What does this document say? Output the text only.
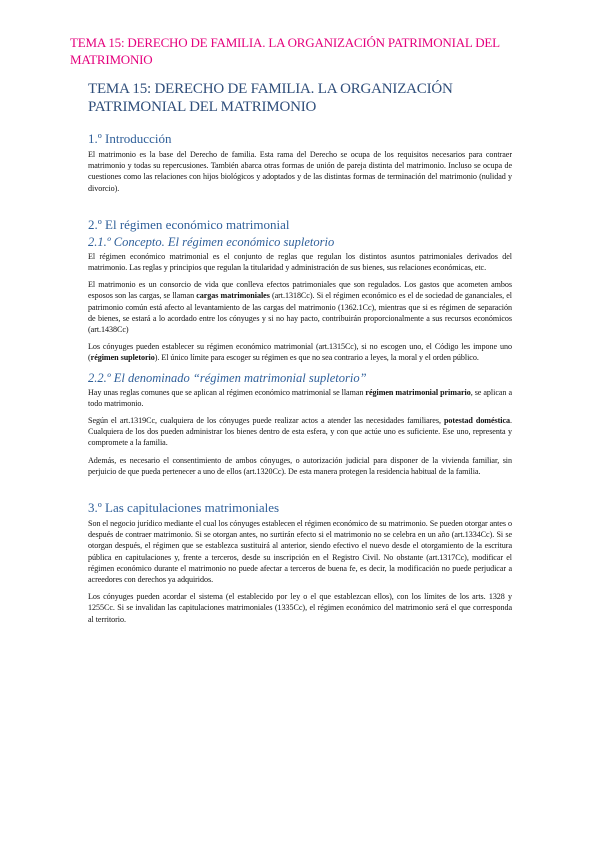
TEMA 15: DERECHO DE FAMILIA. LA ORGANIZACIÓN PATRIMONIAL DEL MATRIMONIO
TEMA 15: DERECHO DE FAMILIA. LA ORGANIZACIÓN PATRIMONIAL DEL MATRIMONIO
1.º Introducción

El matrimonio es la base del Derecho de familia. Esta rama del Derecho se ocupa de los requisitos necesarios para contraer matrimonio y todas su repercusiones. También abarca otras formas de unión de pareja distinta del matrimonio. Incluso se ocupa de cuestiones como las relaciones con hijos biológicos y adoptados y de las distintas formas de terminación del matrimonio (nulidad y divorcio).

2.º El régimen económico matrimonial
2.1.º Concepto. El régimen económico supletorio

El régimen económico matrimonial es el conjunto de reglas que regulan los distintos asuntos patrimoniales derivados del matrimonio. Las reglas y principios que regulan la titularidad y administración de sus bienes, sus relaciones económicas, etc.

El matrimonio es un consorcio de vida que conlleva efectos patrimoniales que son regulados. Los gastos que acometen ambos esposos son las cargas, se llaman cargas matrimoniales (art.1318Cc). Si el régimen económico es el de sociedad de gananciales, el patrimonio común está afecto al levantamiento de las cargas del matrimonio (1362.1Cc), mientras que si es régimen de separación de bienes, se estará a lo acordado entre los cónyuges y si no hay pacto, contribuirán proporcionalmente a sus recursos económicos (art.1438Cc)

Los cónyuges pueden establecer su régimen económico matrimonial (art.1315Cc), si no escogen uno, el Código les impone uno (régimen supletorio). El único límite para escoger su régimen es que no sea contrario a leyes, la moral y el orden público.

2.2.º El denominado “régimen matrimonial supletorio”

Hay unas reglas comunes que se aplican al régimen económico matrimonial se llaman régimen matrimonial primario, se aplican a todo matrimonio.

Según el art.1319Cc, cualquiera de los cónyuges puede realizar actos a atender las necesidades familiares, potestad doméstica. Cualquiera de los dos pueden administrar los bienes dentro de esta esfera, y con que actúe uno es suficiente. Ese uno, representa y compromete a la familia.

Además, es necesario el consentimiento de ambos cónyuges, o autorización judicial para disponer de la vivienda familiar, sin perjuicio de que pueda pertenecer a uno de ellos (art.1320Cc). De esta manera protegen la residencia habitual de la familia.

3.º Las capitulaciones matrimoniales

Son el negocio jurídico mediante el cual los cónyuges establecen el régimen económico de su matrimonio. Se pueden otorgar antes o después de contraer matrimonio. Si se otorgan antes, no surtirán efecto si el matrimonio no se celebra en un año (art.1334Cc). Si se otorgan después, el régimen que se establezca sustituirá al anterior, siendo efectivo el nuevo desde el otorgamiento de la escritura pública en capitulaciones y, frente a terceros, desde su inscripción en el Registro Civil. No obstante (art.1317Cc), modificar el régimen económico durante el matrimonio no puede afectar a terceros de buena fe, es decir, la modificación no puede perjudicar a acreedores con derechos ya adquiridos.

Los cónyuges pueden acordar el sistema (el establecido por ley o el que establezcan ellos), con los límites de los arts. 1328 y 1255Cc. Si se invalidan las capitulaciones matrimoniales (1335Cc), el régimen económico del matrimonio será el que corresponda al territorio.
